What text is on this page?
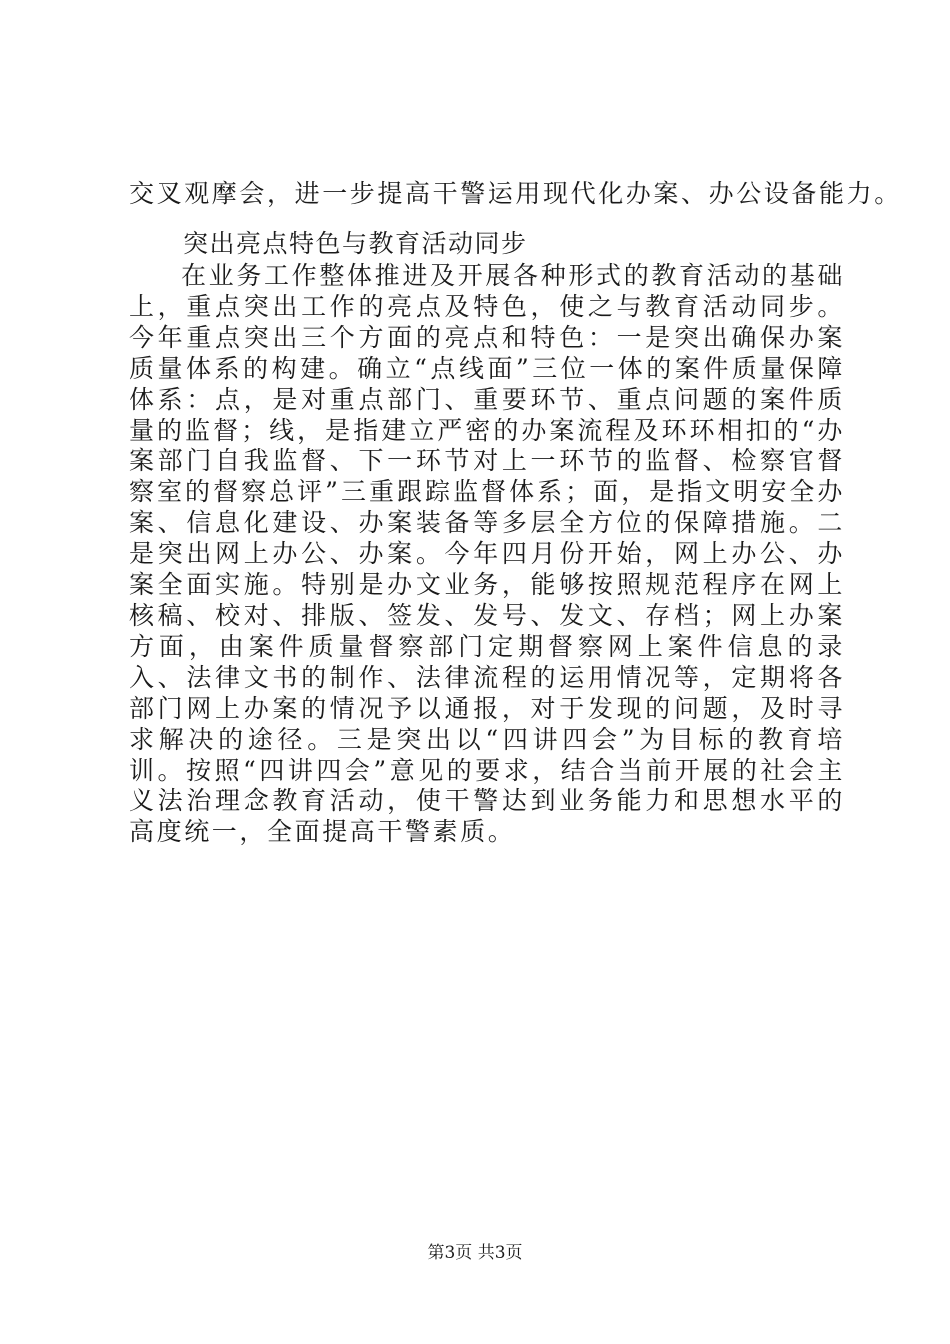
交叉观摩会，进一步提高干警运用现代化办案、办公设备能力。
突出亮点特色与教育活动同步
在业务工作整体推进及开展各种形式的教育活动的基础上，重点突出工作的亮点及特色，使之与教育活动同步。今年重点突出三个方面的亮点和特色：一是突出确保办案质量体系的构建。确立“点线面”三位一体的案件质量保障体系：点，是对重点部门、重要环节、重点问题的案件质量的监督；线，是指建立严密的办案流程及环环相扣的“办案部门自我监督、下一环节对上一环节的监督、检察官督察室的督察总评”三重跟踪监督体系；面，是指文明安全办案、信息化建设、办案装备等多层全方位的保障措施。二是突出网上办公、办案。今年四月份开始，网上办公、办案全面实施。特别是办文业务，能够按照规范程序在网上核稿、校对、排版、签发、发号、发文、存档；网上办案方面，由案件质量督察部门定期督察网上案件信息的录入、法律文书的制作、法律流程的运用情况等，定期将各部门网上办案的情况予以通报，对于发现的问题，及时寻求解决的途径。三是突出以“四讲四会”为目标的教育培训。按照“四讲四会”意见的要求，结合当前开展的社会主义法治理念教育活动，使干警达到业务能力和思想水平的高度统一，全面提高干警素质。
第3页 共3页
